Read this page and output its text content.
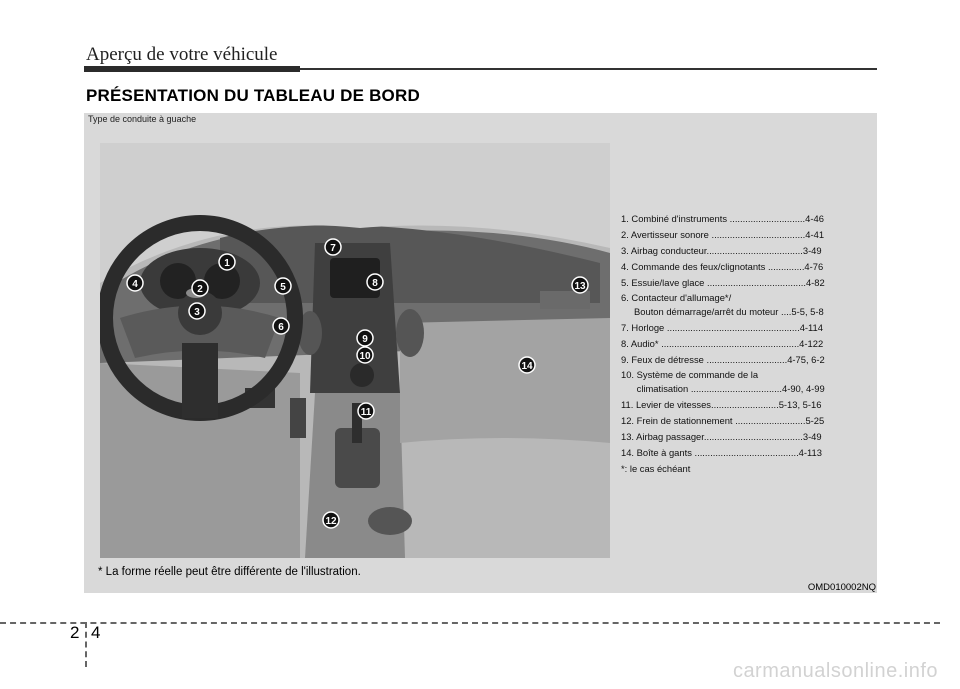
Aperçu de votre véhicule
PRÉSENTATION DU TABLEAU DE BORD
Type de conduite à guache
1
2
3
4	5
6
7
8
9
10
11
12
13
14
1. Combiné d'instruments .............................4-46
2. Avertisseur sonore ....................................4-41
3. Airbag conducteur.....................................3-49
4. Commande des feux/clignotants ..............4-76
5. Essuie/lave glace ......................................4-82
6. Contacteur d'allumage*/
Bouton démarrage/arrêt du moteur ....5-5, 5-8
7. Horloge ...................................................4-114
8. Audio* .....................................................4-122
9. Feux de détresse ...............................4-75, 6-2
10. Système de commande de la
climatisation ...................................4-90, 4-99
11. Levier de vitesses..........................5-13, 5-16
12. Frein de stationnement ...........................5-25
13. Airbag passager......................................3-49
14. Boîte à gants ........................................4-113
*: le cas échéant
* La forme réelle peut être différente de l'illustration.
OMD010002NQ
2 4
carmanualsonline.info
